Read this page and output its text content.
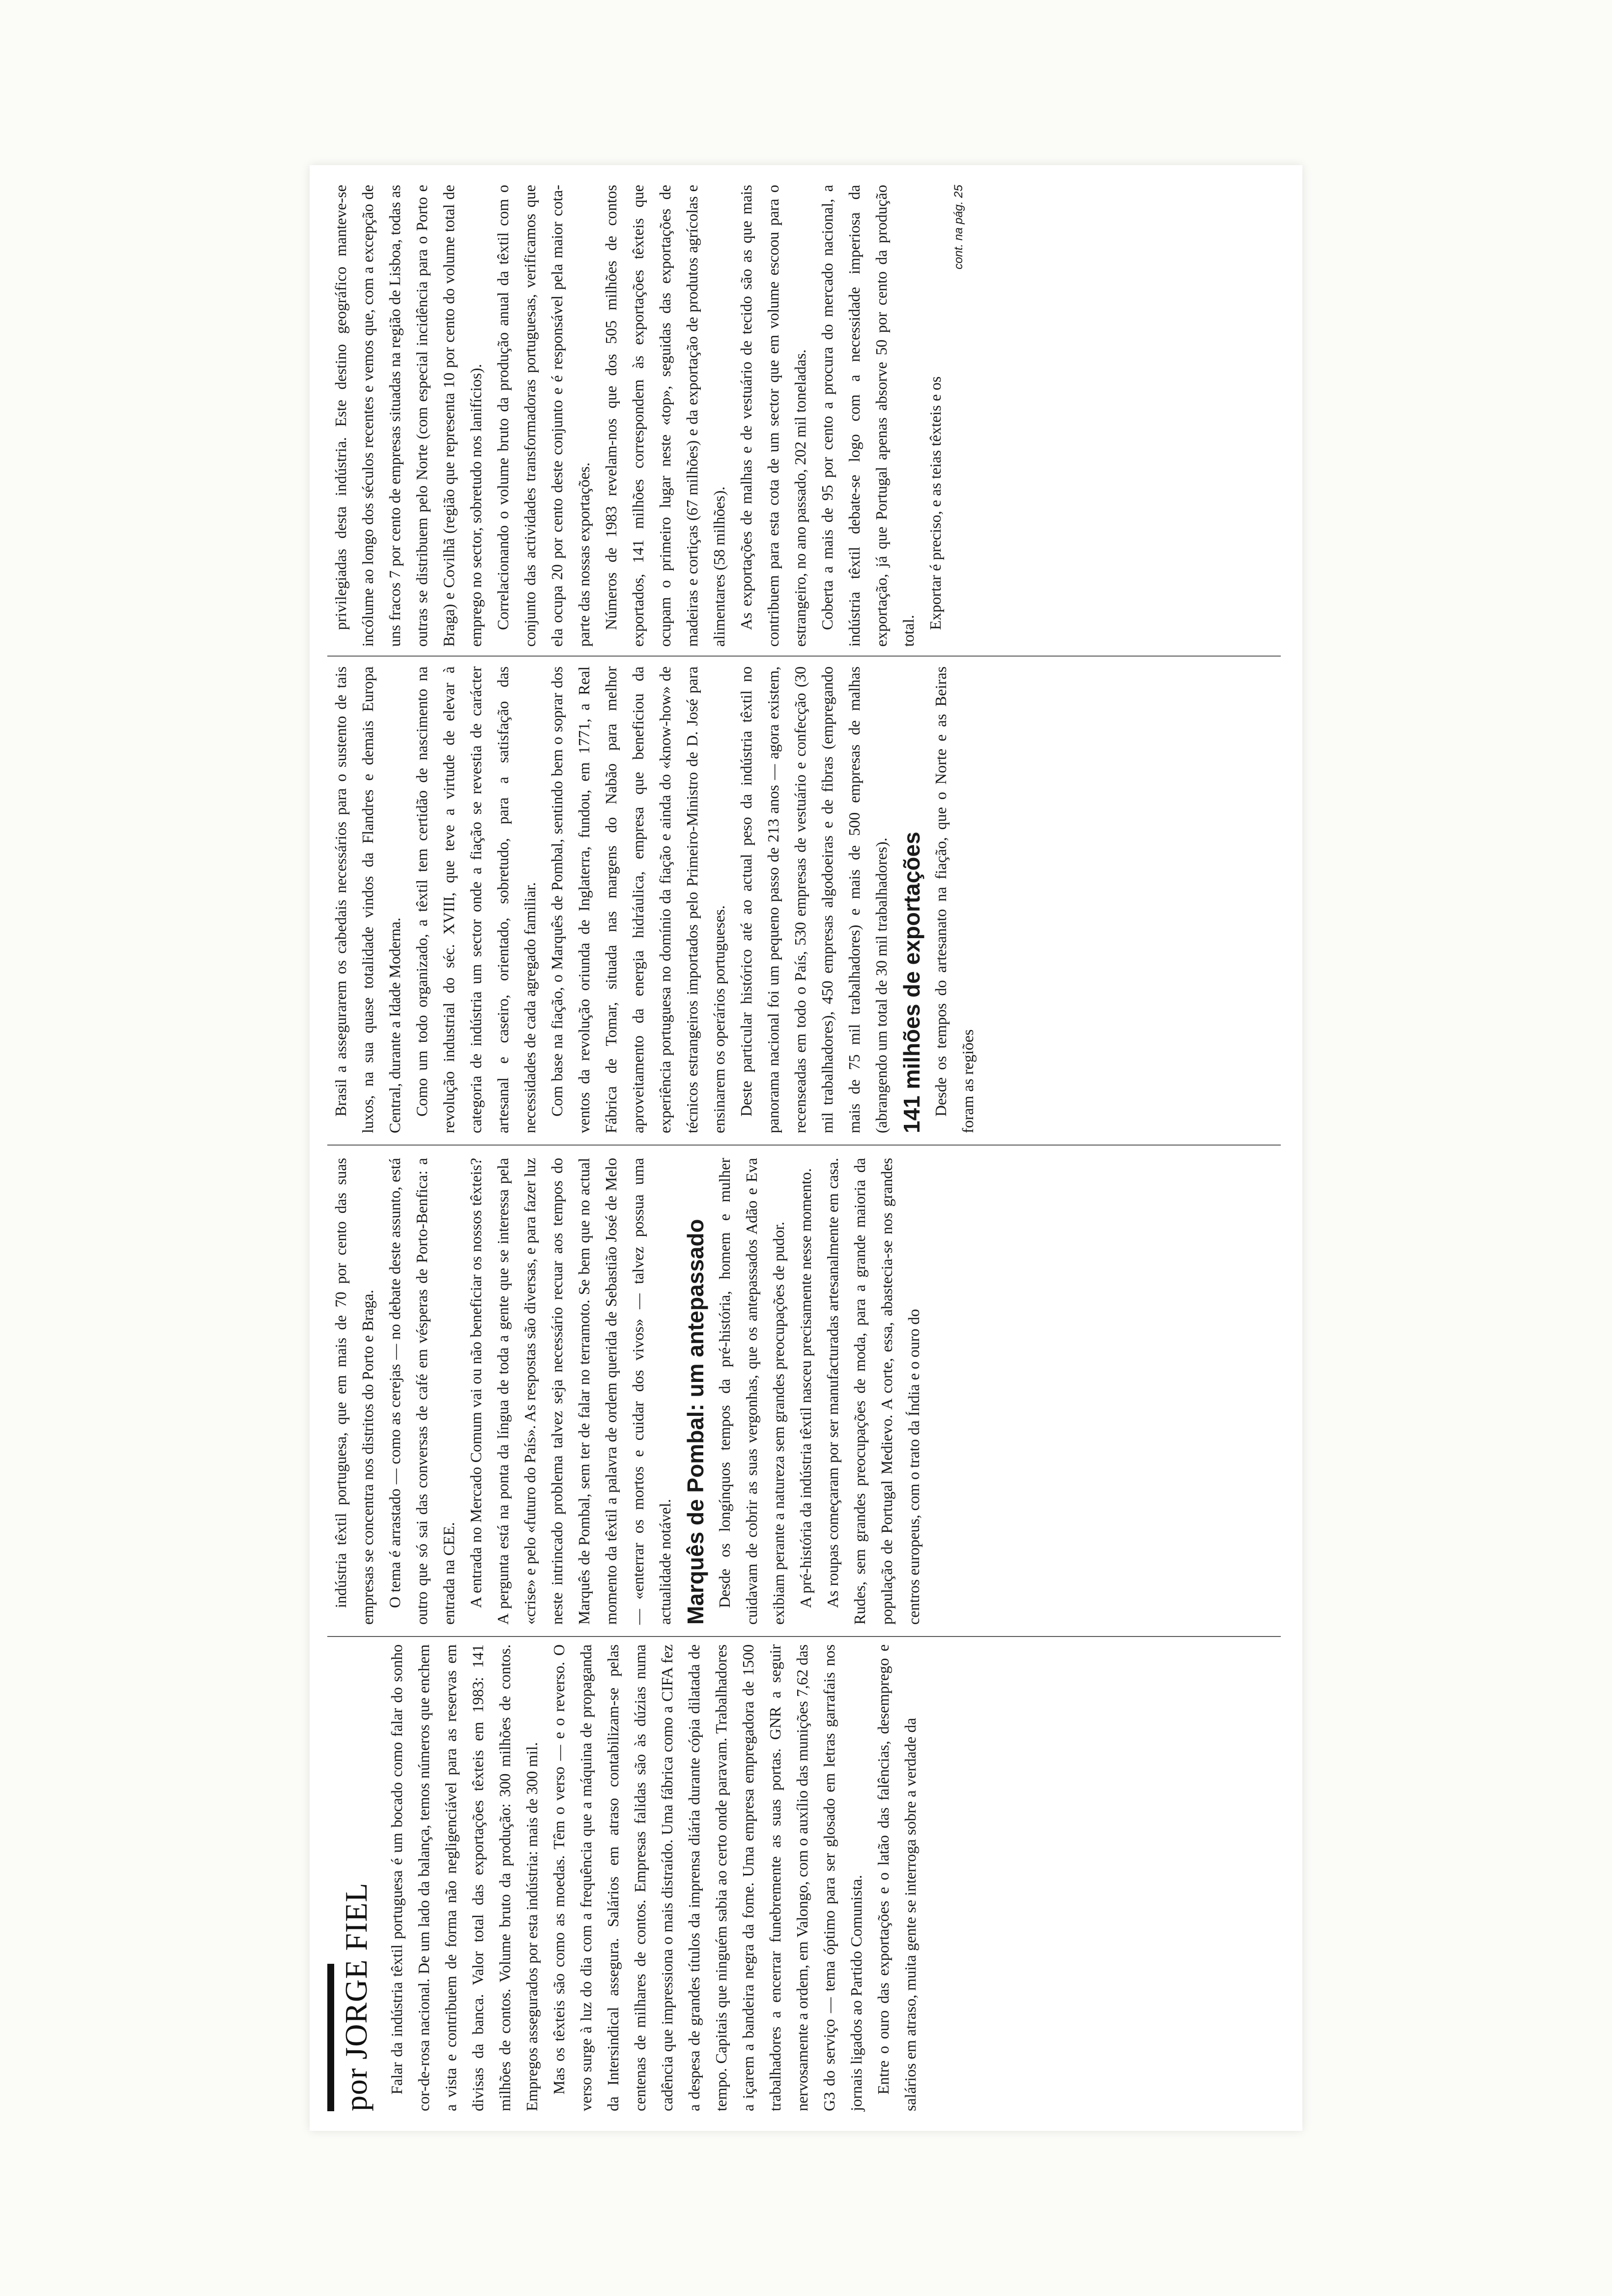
por JORGE FIEL Falar da indústria têxtil portuguesa é um bocado como falar do sonho cor-de-rosa nacional. De um lado da balança, temos números que enchem a vista e contribuem de forma não negligenciável para as reservas em divisas da banca. Valor total das exportações têxteis em 1983: 141 milhões de contos. Volume bruto da produção: 300 milhões de contos. Empregos assegurados por esta indústria: mais de 300 mil. Mas os têxteis são como as moedas. Têm o verso — e o reverso. O verso surge à luz do dia com a frequência que a máquina de propaganda da Intersindical assegura. Salários em atraso contabilizam-se pelas centenas de milhares de contos. Empresas falidas são às dúzias numa cadência que impressiona o mais distraído. Uma fábrica como a CIFA fez a despesa de grandes títulos da imprensa diária durante cópia dilatada de tempo. Capitais que ninguém sabia ao certo onde paravam. Trabalhadores a içarem a bandeira negra da fome. Uma empresa empregadora de 1500 trabalhadores a encerrar funebremente as suas portas. GNR a seguir nervosamente a ordem, em Valongo, com o auxílio das munições 7,62 das G3 do serviço — tema óptimo para ser glosado em letras garrafais nos jornais ligados ao Partido Comunista. Entre o ouro das exportações e o latão das falências, desemprego e salários em atraso, muita gente se interroga sobre a verdade da

indústria têxtil portuguesa, que em mais de 70 por cento das suas empresas se concentra nos distritos do Porto e Braga. O tema é arrastado — como as cerejas — no debate deste assunto, está outro que só sai das conversas de café em vésperas de Porto-Benfica: a entrada na CEE. A entrada no Mercado Comum vai ou não beneficiar os nossos têxteis? A pergunta está na ponta da língua de toda a gente que se interessa pela «crise» e pelo «futuro do País». As respostas são diversas, e para fazer luz neste intrincado problema talvez seja necessário recuar aos tempos do Marquês de Pombal, sem ter de falar no terramoto. Se bem que no actual momento da têxtil a palavra de ordem querida de Sebastião José de Melo — «enterrar os mortos e cuidar dos vivos» — talvez possua uma actualidade notável. Marquês de Pombal: um antepassado Desde os longínquos tempos da pré-história, homem e mulher cuidavam de cobrir as suas vergonhas, que os antepassados Adão e Eva exibiam perante a natureza sem grandes preocupações de pudor. A pré-história da indústria têxtil nasceu precisamente nesse momento. As roupas começaram por ser manufacturadas artesanalmente em casa. Rudes, sem grandes preocupações de moda, para a grande maioria da população de Portugal Medievo. A corte, essa, abastecia-se nos grandes centros europeus, com o trato da Índia e o ouro do

Brasil a assegurarem os cabedais necessários para o sustento de tais luxos, na sua quase totalidade vindos da Flandres e demais Europa Central, durante a Idade Moderna. Como um todo organizado, a têxtil tem certidão de nascimento na revolução industrial do séc. XVIII, que teve a virtude de elevar à categoria de indústria um sector onde a fiação se revestia de carácter artesanal e caseiro, orientado, sobretudo, para a satisfação das necessidades de cada agregado familiar. Com base na fiação, o Marquês de Pombal, sentindo bem o soprar dos ventos da revolução oriunda de Inglaterra, fundou, em 1771, a Real Fábrica de Tomar, situada nas margens do Nabão para melhor aproveitamento da energia hidráulica, empresa que beneficiou da experiência portuguesa no domínio da fiação e ainda do «know-how» de técnicos estrangeiros importados pelo Primeiro-Ministro de D. José para ensinarem os operários portugueses. Deste particular histórico até ao actual peso da indústria têxtil no panorama nacional foi um pequeno passo de 213 anos — agora existem, recenseadas em todo o País, 530 empresas de vestuário e confecção (30 mil trabalhadores), 450 empresas algodoeiras e de fibras (empregando mais de 75 mil trabalhadores) e mais de 500 empresas de malhas (abrangendo um total de 30 mil trabalhadores). 141 milhões de exportações Desde os tempos do artesanato na fiação, que o Norte e as Beiras foram as regiões

privilegiadas desta indústria. Este destino geográfico manteve-se incólume ao longo dos séculos recentes e vemos que, com a excepção de uns fracos 7 por cento de empresas situadas na região de Lisboa, todas as outras se distribuem pelo Norte (com especial incidência para o Porto e Braga) e Covilhã (região que representa 10 por cento do volume total de emprego no sector, sobretudo nos lanifícios). Correlacionando o volume bruto da produção anual da têxtil com o conjunto das actividades transformadoras portuguesas, verificamos que ela ocupa 20 por cento deste conjunto e é responsável pela maior cota-parte das nossas exportações. Números de 1983 revelam-nos que dos 505 milhões de contos exportados, 141 milhões correspondem às exportações têxteis que ocupam o primeiro lugar neste «top», seguidas das exportações de madeiras e cortiças (67 milhões) e da exportação de produtos agrícolas e alimentares (58 milhões). As exportações de malhas e de vestuário de tecido são as que mais contribuem para esta cota de um sector que em volume escoou para o estrangeiro, no ano passado, 202 mil toneladas. Coberta a mais de 95 por cento a procura do mercado nacional, a indústria têxtil debate-se logo com a necessidade imperiosa da exportação, já que Portugal apenas absorve 50 por cento da produção total.

Exportar é preciso, e as teias têxteis e os

cont. na pág. 25
